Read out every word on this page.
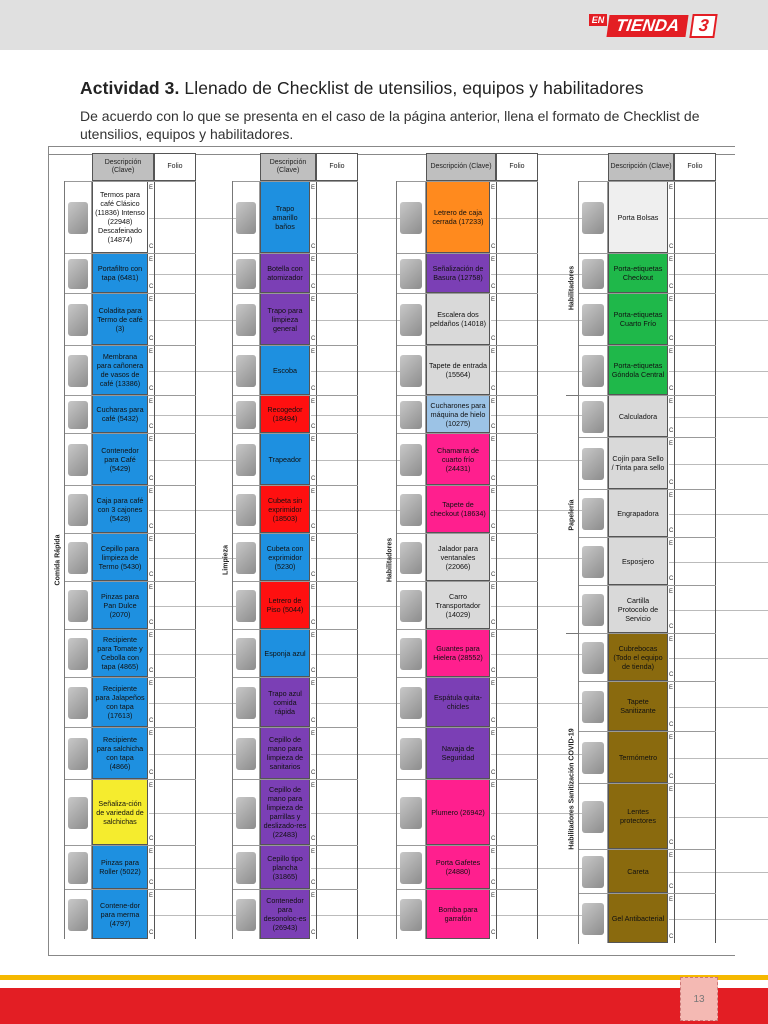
EN TIENDA 3
Actividad 3. Llenado de Checklist de utensilios, equipos y habilitadores
De acuerdo con lo que se presenta en el caso de la página anterior, llena el formato de Checklist de utensilios, equipos y habilitadores.
Descripción (Clave)
Folio
Termos para café Clásico (11836) Intenso (22948) Descafeinado (14874)
E
C
Portafiltro con tapa (6481)
E
C
Coladita para Termo de café (3)
E
C
Membrana para cañonera de vasos de café (13386)
E
C
Cucharas para café (5432)
E
C
Contenedor para Café (5429)
E
C
Caja para café con 3 cajones (5428)
E
C
Cepillo para limpieza de Termo (5430)
E
C
Pinzas para Pan Dulce (2070)
E
C
Recipiente para Tomate y Cebolla con tapa (4865)
E
C
Recipiente para Jalapeños con tapa (17613)
E
C
Recipiente para salchicha con tapa (4866)
E
C
Señaliza-ción de variedad de salchichas
E
C
Pinzas para Roller (5022)
E
C
Contene-dor para merma (4797)
E
C
Comida Rápida
Descripción (Clave)
Folio
Trapo amarillo baños
E
C
Botella con atomizador
E
C
Trapo para limpieza general
E
C
Escoba
E
C
Recogedor (18494)
E
C
Trapeador
E
C
Cubeta sin exprimidor (18503)
E
C
Cubeta con exprimidor (5230)
E
C
Letrero de Piso (5044)
E
C
Esponja azul
E
C
Trapo azul comida rápida
E
C
Cepillo de mano para limpieza de sanitarios
E
C
Cepillo de mano para limpieza de parrillas y deslizado-res (22483)
E
C
Cepillo tipo plancha (31865)
E
C
Contenedor para desonoloc-es (26943)
E
C
Limpieza
Descripción (Clave)	Folio
Letrero de caja cerrada (17233)
E
C
Señalización de Basura (12758)
E
C
Escalera dos peldaños (14018)
E
C
Tapete de entrada (15564)
E
C
Cucharones para máquina de hielo (10275)
E
C
Chamarra de cuarto frío (24431)
E
C
Tapete de checkout (18634)
E
C
Jalador para ventanales (22066)
E
C
Carro Transportador (14029)
E
C
Guantes para Hielera (28552)
E
C
Espátula quita-chicles
E
C
Navaja de Seguridad
E
C
Plumero (26942)
E
C
Porta Gafetes (24880)
E
C
Bomba para garrafón
E
C
Habilitadores
Descripción (Clave)	Folio
Porta Bolsas
E
C
Porta-etiquetas Checkout
E
C
Porta-etiquetas Cuarto Frío
E
C
Porta-etiquetas Góndola Central
E
C
Calculadora
E
C
Cojín para Sello / Tinta para sello
E
C
Engrapadora
E
C
Esposjero
E
C
Cartilla Protocolo de Servicio
E
C
Cubrebocas (Todo el equipo de tienda)
E
C
Tapete Sanitizante
E
C
Termómetro
E
C
Lentes protectores
E
C
Careta
E
C
Gel Antibacterial
E
C
Habilitadores
Papelería
Habilitadores Sanitización COVID-19
13
